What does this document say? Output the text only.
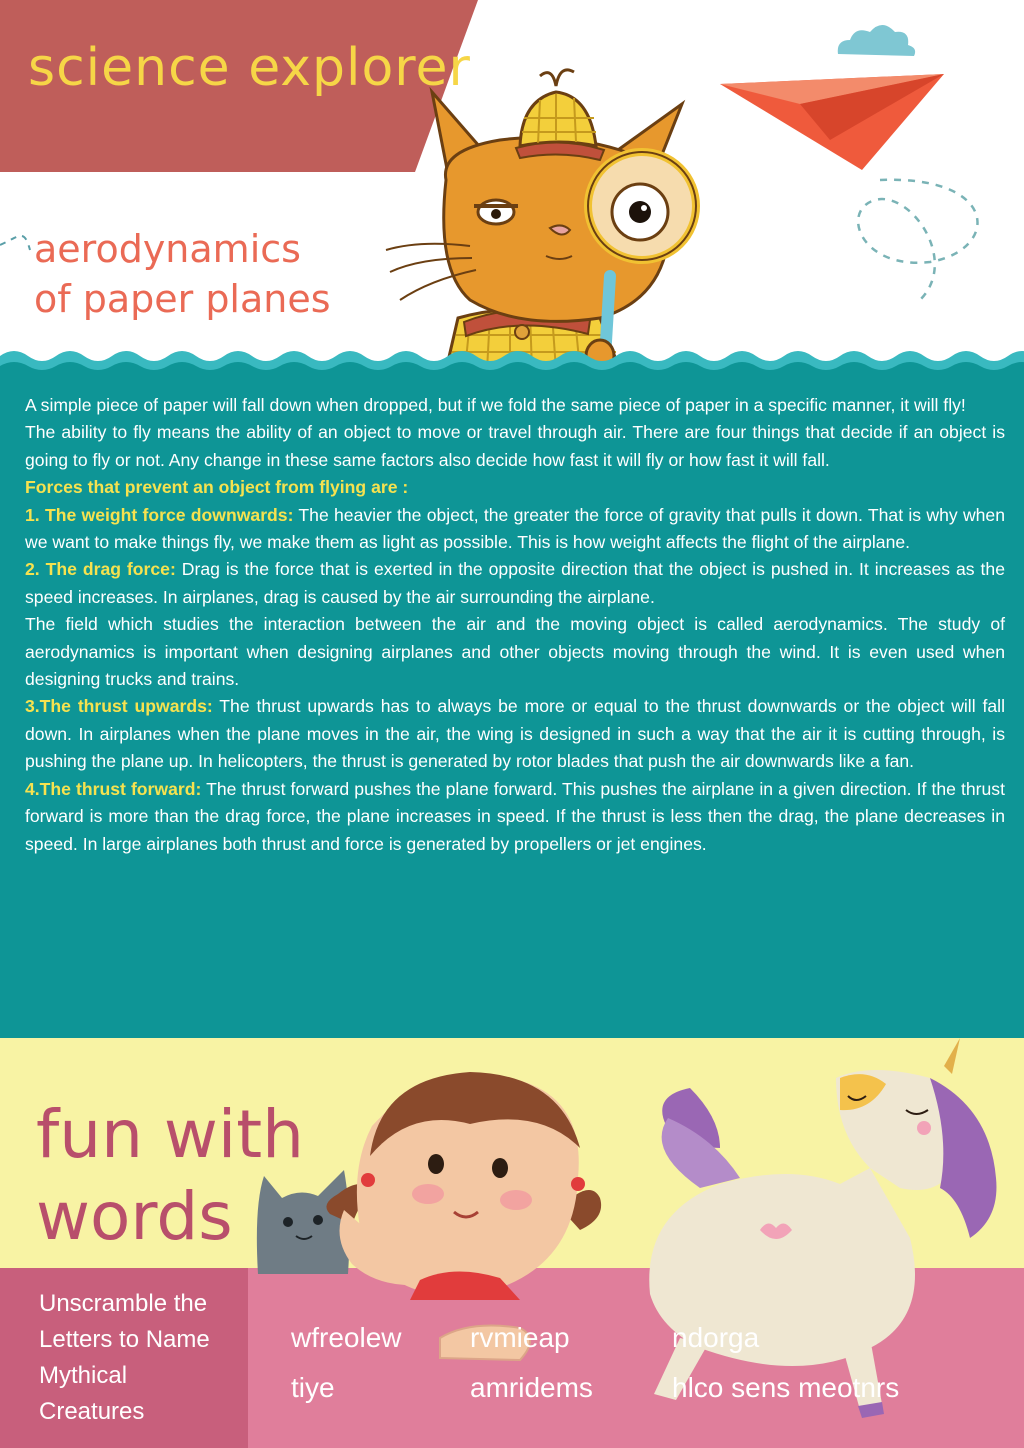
science explorer
aerodynamics of paper planes

A simple piece of paper will fall down when dropped, but if we fold the same piece of paper in a specific manner, it will fly!

The ability to fly means the ability of an object to move or travel through air. There are four things that decide if an object is going to fly or not. Any change in these same factors also decide how fast it will fly or how fast it will fall.

Forces that prevent an object from flying are :

1. The weight force downwards: The heavier the object, the greater the force of gravity that pulls it down. That is why when we want to make things fly, we make them as light as possible. This is how weight affects the flight of the airplane.

2. The drag force: Drag is the force that is exerted in the opposite direction that the object is pushed in. It increases as the speed increases. In airplanes, drag is caused by the air surrounding the airplane.

The field which studies the interaction between the air and the moving object is called aerodynamics. The study of aerodynamics is important when designing airplanes and other objects moving through the wind. It is even used when designing trucks and trains.

3.The thrust upwards: The thrust upwards has to always be more or equal to the thrust downwards or the object will fall down. In airplanes when the plane moves in the air, the wing is designed in such a way that the air it is cutting through, is pushing the plane up. In helicopters, the thrust is generated by rotor blades that push the air downwards like a fan.

4.The thrust forward: The thrust forward pushes the plane forward. This pushes the airplane in a given direction. If the thrust forward is more than the drag force, the plane increases in speed. If the thrust is less then the drag, the plane decreases in speed. In large airplanes both thrust and force is generated by propellers or jet engines.

fun with words
Unscramble the Letters to Name Mythical Creatures
wfreolew rvmieap	ndorga
tiye	amridems	hlco sens meotnrs
